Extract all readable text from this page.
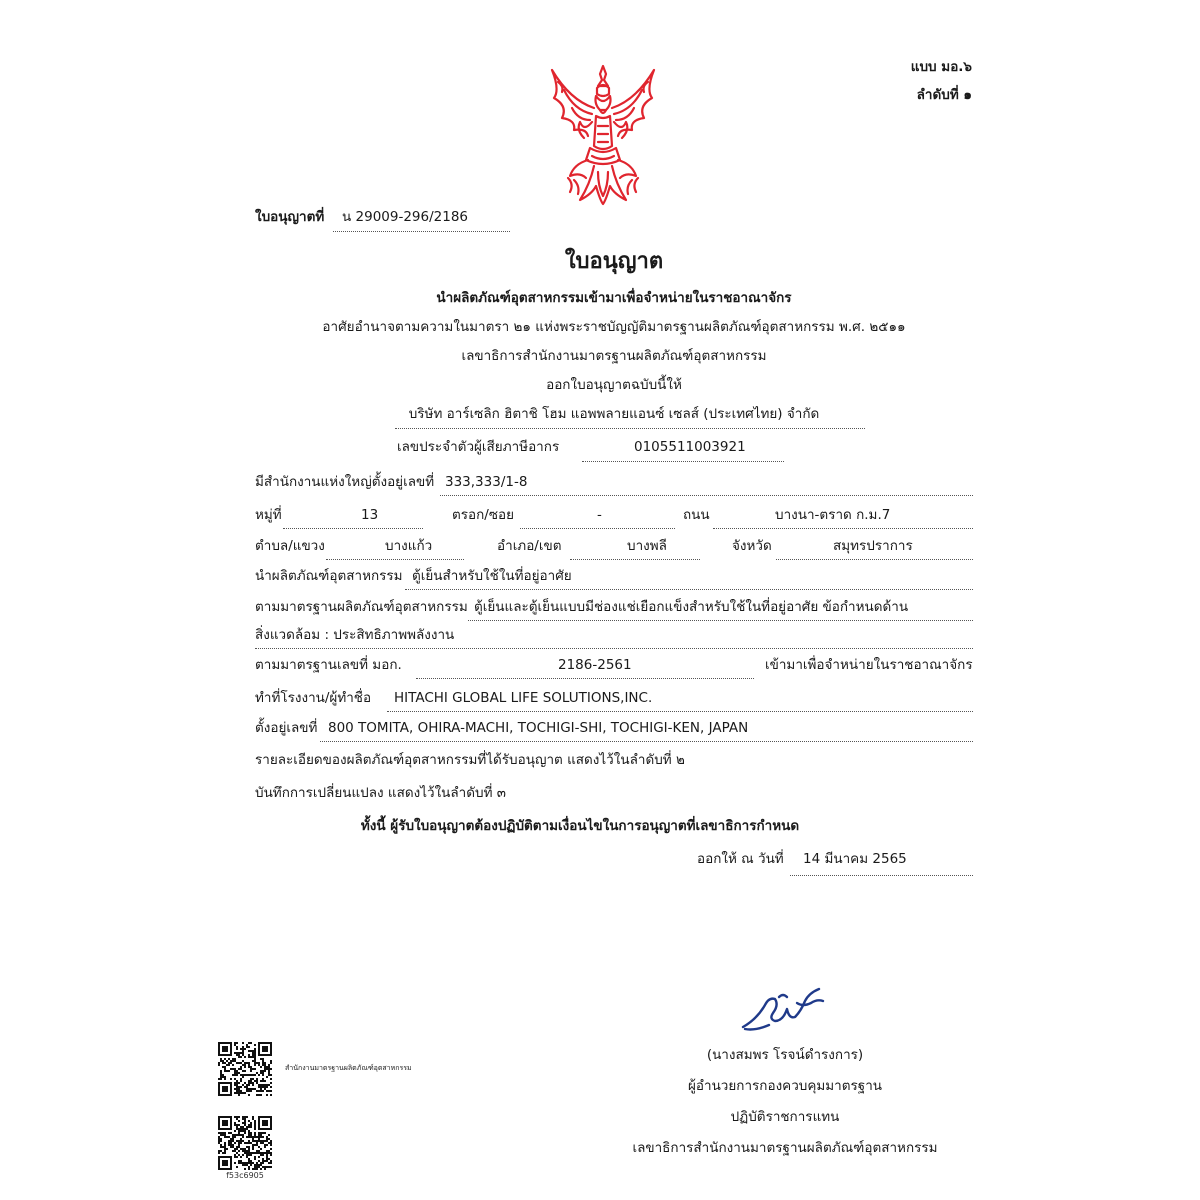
แบบ มอ.๖
ลำดับที่ ๑
ใบอนุญาตที่ น 29009-296/2186
ใบอนุญาต
นำผลิตภัณฑ์อุตสาหกรรมเข้ามาเพื่อจำหน่ายในราชอาณาจักร
อาศัยอำนาจตามความในมาตรา ๒๑ แห่งพระราชบัญญัติมาตรฐานผลิตภัณฑ์อุตสาหกรรม พ.ศ. ๒๕๑๑
เลขาธิการสำนักงานมาตรฐานผลิตภัณฑ์อุตสาหกรรม
ออกใบอนุญาตฉบับนี้ให้
บริษัท อาร์เซลิก ฮิตาชิ โฮม แอพพลายแอนซ์ เซลส์ (ประเทศไทย) จำกัด
เลขประจำตัวผู้เสียภาษีอากร	0105511003921
มีสำนักงานแห่งใหญ่ตั้งอยู่เลขที่ 333,333/1-8
หมู่ที่	13	ตรอก/ซอย	-	ถนน	บางนา-ตราด ก.ม.7
ตำบล/แขวง	บางแก้ว	อำเภอ/เขต	บางพลี	จังหวัด	สมุทรปราการ
นำผลิตภัณฑ์อุตสาหกรรม ตู้เย็นสำหรับใช้ในที่อยู่อาศัย
ตามมาตรฐานผลิตภัณฑ์อุตสาหกรรม ตู้เย็นและตู้เย็นแบบมีช่องแช่เยือกแข็งสำหรับใช้ในที่อยู่อาศัย ข้อกำหนดด้าน
สิ่งแวดล้อม : ประสิทธิภาพพลังงาน
ตามมาตรฐานเลขที่ มอก.	2186-2561	เข้ามาเพื่อจำหน่ายในราชอาณาจักร
ทำที่โรงงาน/ผู้ทำชื่อ HITACHI GLOBAL LIFE SOLUTIONS,INC.
ตั้งอยู่เลขที่ 800 TOMITA, OHIRA-MACHI, TOCHIGI-SHI, TOCHIGI-KEN, JAPAN
รายละเอียดของผลิตภัณฑ์อุตสาหกรรมที่ได้รับอนุญาต แสดงไว้ในลำดับที่ ๒
บันทึกการเปลี่ยนแปลง แสดงไว้ในลำดับที่ ๓
ทั้งนี้ ผู้รับใบอนุญาตต้องปฏิบัติตามเงื่อนไขในการอนุญาตที่เลขาธิการกำหนด
ออกให้ ณ วันที่ 14 มีนาคม 2565
(นางสมพร โรจน์ดำรงการ)
ผู้อำนวยการกองควบคุมมาตรฐาน
ปฏิบัติราชการแทน
เลขาธิการสำนักงานมาตรฐานผลิตภัณฑ์อุตสาหกรรม
สำนักงานมาตรฐานผลิตภัณฑ์อุตสาหกรรม
f53c6905
